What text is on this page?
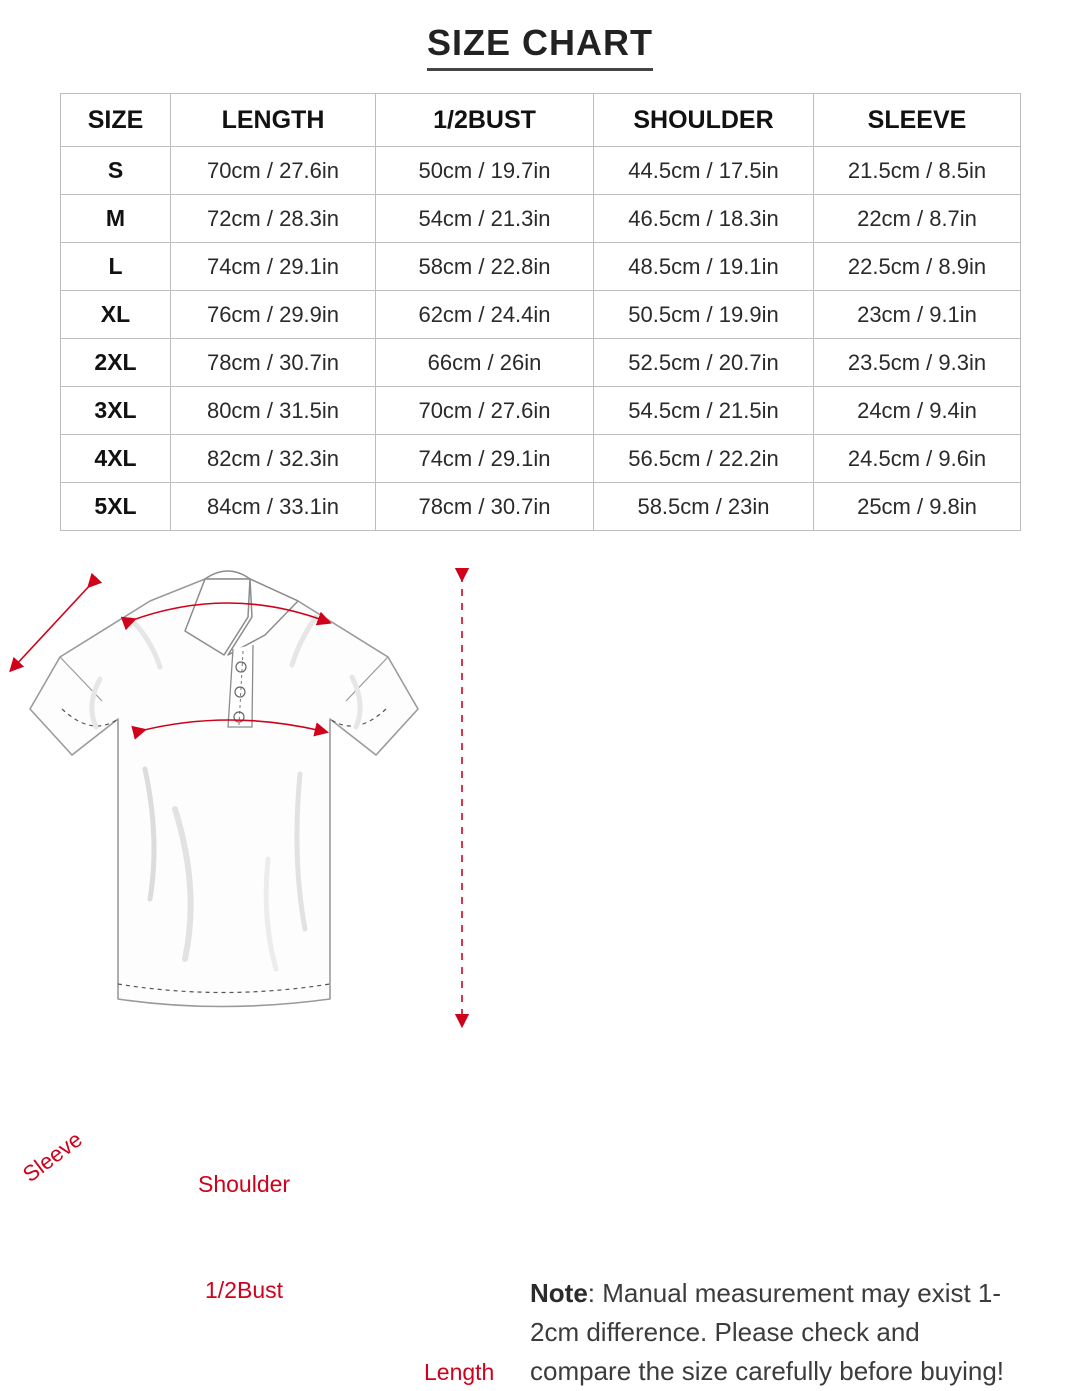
SIZE CHART
SIZE	LENGTH	1/2BUST	SHOULDER	SLEEVE
S	70cm / 27.6in	50cm / 19.7in	44.5cm / 17.5in	21.5cm / 8.5in
M	72cm / 28.3in	54cm / 21.3in	46.5cm / 18.3in	22cm / 8.7in
L	74cm / 29.1in	58cm / 22.8in	48.5cm / 19.1in	22.5cm / 8.9in
XL	76cm / 29.9in	62cm / 24.4in	50.5cm / 19.9in	23cm / 9.1in
2XL	78cm / 30.7in	66cm / 26in	52.5cm / 20.7in	23.5cm / 9.3in
3XL	80cm / 31.5in	70cm / 27.6in	54.5cm / 21.5in	24cm / 9.4in
4XL	82cm / 32.3in	74cm / 29.1in	56.5cm / 22.2in	24.5cm / 9.6in
5XL	84cm / 33.1in	78cm / 30.7in	58.5cm / 23in	25cm / 9.8in
Sleeve	Shoulder
1/2Bust
Length
Note: Manual measurement may exist 1-2cm difference. Please check and compare the size carefully before buying!
